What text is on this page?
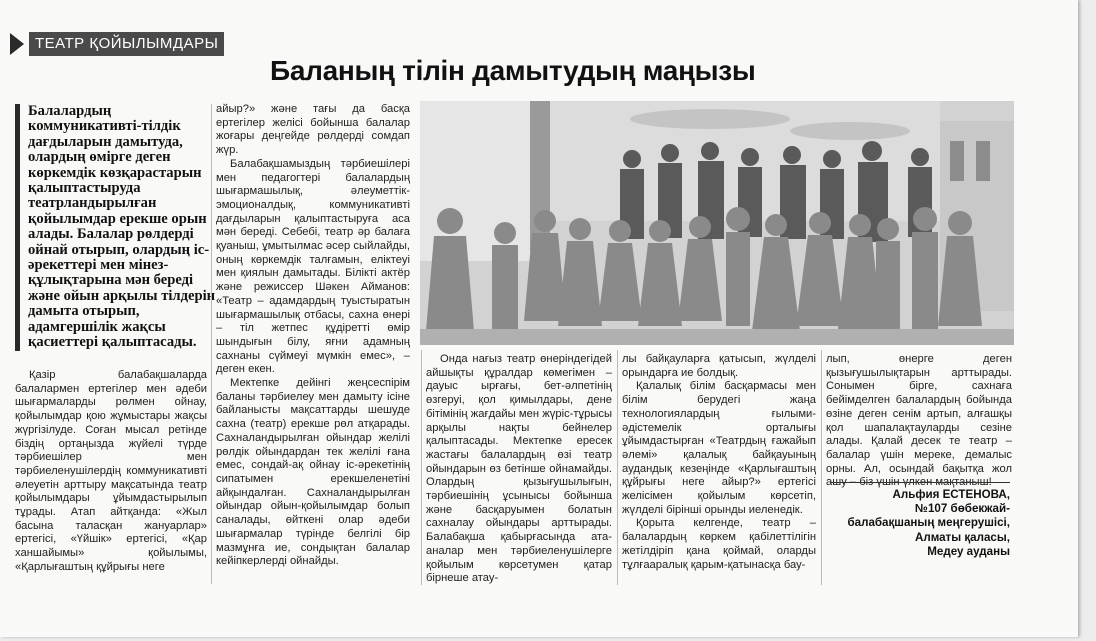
ТЕАТР ҚОЙЫЛЫМДАРЫ
Баланың тілін дамытудың маңызы
Балалардың коммуникативті-тілдік дағдыларын дамытуда, олардың өмірге деген көркемдік көзқарастарын қалыптастыруда театрландырылған қойылымдар ерекше орын алады. Балалар рөлдерді ойнай отырып, олардың іс-әрекеттері мен мінез-құлықтарына мән береді және ойын арқылы тілдерін дамыта отырып, адамгершілік жақсы қасиеттері қалыптасады.

Қазір балабақшаларда балалармен ертегілер мен әдеби шығармаларды рөлмен ойнау, қойылымдар қою жұмыстары жақсы жүргізілуде. Соған мысал ретінде біздің ортаңызда жүйелі түрде тәрбиешілер мен тәрбиеленушілердің коммуникативті әлеуетін арттыру мақсатында театр қойылымдары ұйымдастырылып тұрады. Атап айтқанда: «Жыл басына таласқан жануарлар» ертегісі, «Үйшік» ертегісі, «Қар ханшайымы» қойылымы, «Қарлығаштың құйрығы неге

айыр?» және тағы да басқа ертегілер желісі бойынша балалар жоғары деңгейде рөлдерді сомдап жүр.

Балабақшамыздың тәрбиешілері мен педагогтері балалардың шығармашылық, әлеуметтік-эмоционалдық, коммуникативті дағдыларын қалыптастыруға аса мән береді. Себебі, театр әр балаға қуаныш, ұмытылмас әсер сыйлайды, оның көркемдік талғамын, еліктеуі мен қиялын дамытады. Білікті актёр және режиссер Шәкен Айманов: «Театр – адамдардың туыстыратын шығармашылық отбасы, сахна өнері – тіл жетпес құдіретті өмір шындығын білу, яғни адамның сахнаны сүймеуі мүмкін емес», – деген екен.

Мектепке дейінгі жеңсеспірім баланы тәрбиелеу мен дамыту ісіне байланысты мақсаттарды шешуде сахна (театр) ерекше рөл атқарады. Сахналандырылған ойындар желілі рөлдік ойындардан тек желілі ғана емес, сондай-ақ ойнау іс-әрекетінің сипатымен ерекшеленетіні айқындалған. Сахналандырылған ойындар ойын-қойылымдар болып саналады, өйткені олар әдеби шығармалар түрінде белгілі бір мазмұнға ие, сондықтан балалар кейіпкерлерді ойнайды.

Онда нағыз театр өнеріндегідей айшықты құралдар көмегімен – дауыс ырғағы, бет-әлпетінің өзгеруі, қол қимылдары, дене бітімінің жағдайы мен жүріс-тұрысы арқылы нақты бейнелер қалыптасады. Мектепке ересек жастағы балалардың өзі театр ойындарын өз бетінше ойнамайды. Олардың қызығушылығын, тәрбиешінің ұсынысы бойынша және басқаруымен болатын сахналау ойындары арттырады. Балабақша қабырғасында ата-аналар мен тәрбиеленушілерге қойылым көрсетумен қатар бірнеше атау-

лы байқауларға қатысып, жүлделі орындарға ие болдық.

Қалалық білім басқармасы мен білім берудегі жаңа технологиялардың ғылыми-әдістемелік орталығы ұйымдастырған «Театрдың ғажайып әлемі» қалалық байқауының аудандық кезеңінде «Қарлығаштың құйрығы неге айыр?» ертегісі желісімен қойылым көрсетіп, жүлделі бірінші орынды иеленедік.

Қорыта келгенде, театр – балалардың көркем қабілеттілігін жетілдіріп қана қоймай, оларды тұлғааралық қарым-қатынасқа бау-

лып, өнерге деген қызығушылықтарын арттырады. Сонымен бірге, сахнаға бейімделген балалардың бойында өзіне деген сенім артып, алғашқы қол шапалақтауларды сезіне алады. Қалай десек те театр – балалар үшін мереке, демалыс орны. Ал, осындай бақытқа жол ашу – біз үшін үлкен мақтаныш!

Альфия ЕСТЕНОВА,
№107 бөбекжай-
балабақшаның меңгерушісі,
Алматы қаласы,
Медеу ауданы
